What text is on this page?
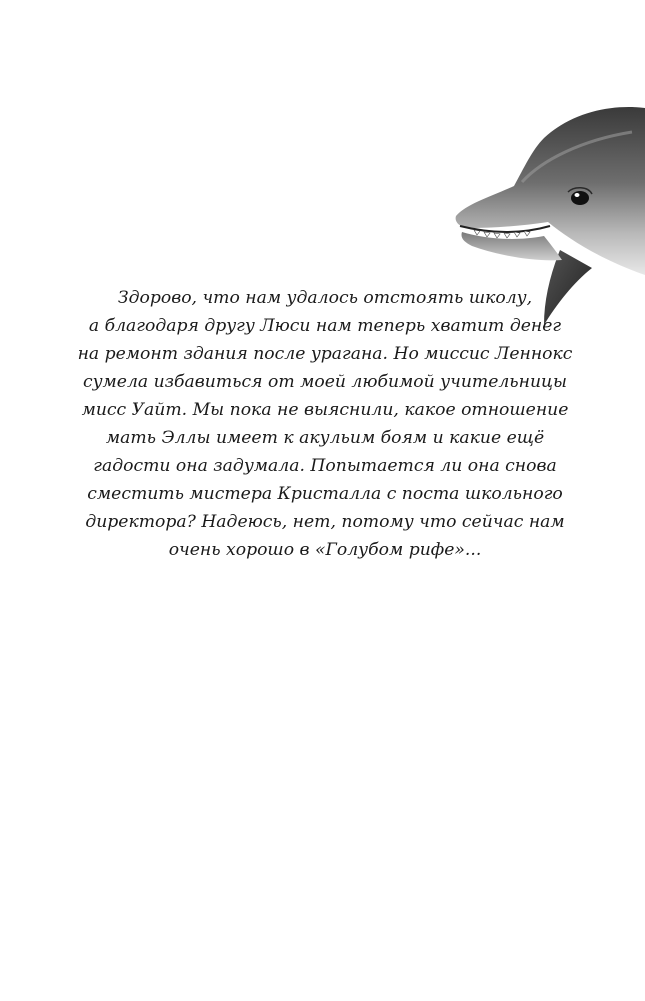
Здорово, что нам удалось отстоять школу,
а благодаря другу Люси нам теперь хватит денег
на ремонт здания после урагана. Но миссис Леннокс
сумела избавиться от моей любимой учительницы
мисс Уайт. Мы пока не выяснили, какое отношение
мать Эллы имеет к акульим боям и какие ещё
гадости она задумала. Попытается ли она снова
сместить мистера Кристалла с поста школьного
директора? Надеюсь, нет, потому что сейчас нам
очень хорошо в «Голубом рифе»...
